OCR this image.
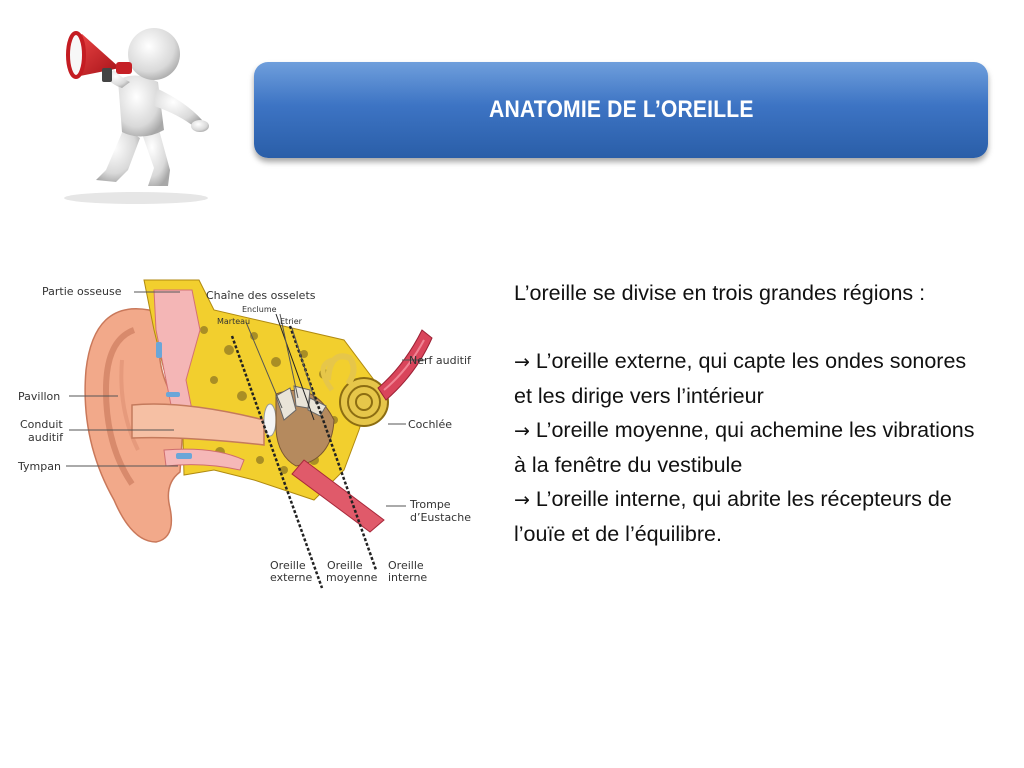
ANATOMIE DE L’OREILLE
Partie osseuse	Chaîne des osselets
Enclume
Marteau	Etrier
Nerf auditif
Pavillon
Conduit
auditif
Tympan
Cochlée
Trompe
d’Eustache
Oreille
externe
Oreille
moyenne
Oreille
interne

L’oreille se divise en trois grandes régions :

→ L’oreille externe, qui capte les ondes sonores et les dirige vers l’intérieur

→ L’oreille moyenne, qui achemine les vibrations à la fenêtre du vestibule

→ L’oreille interne, qui abrite les récepteurs de l’ouïe et de l’équilibre.
